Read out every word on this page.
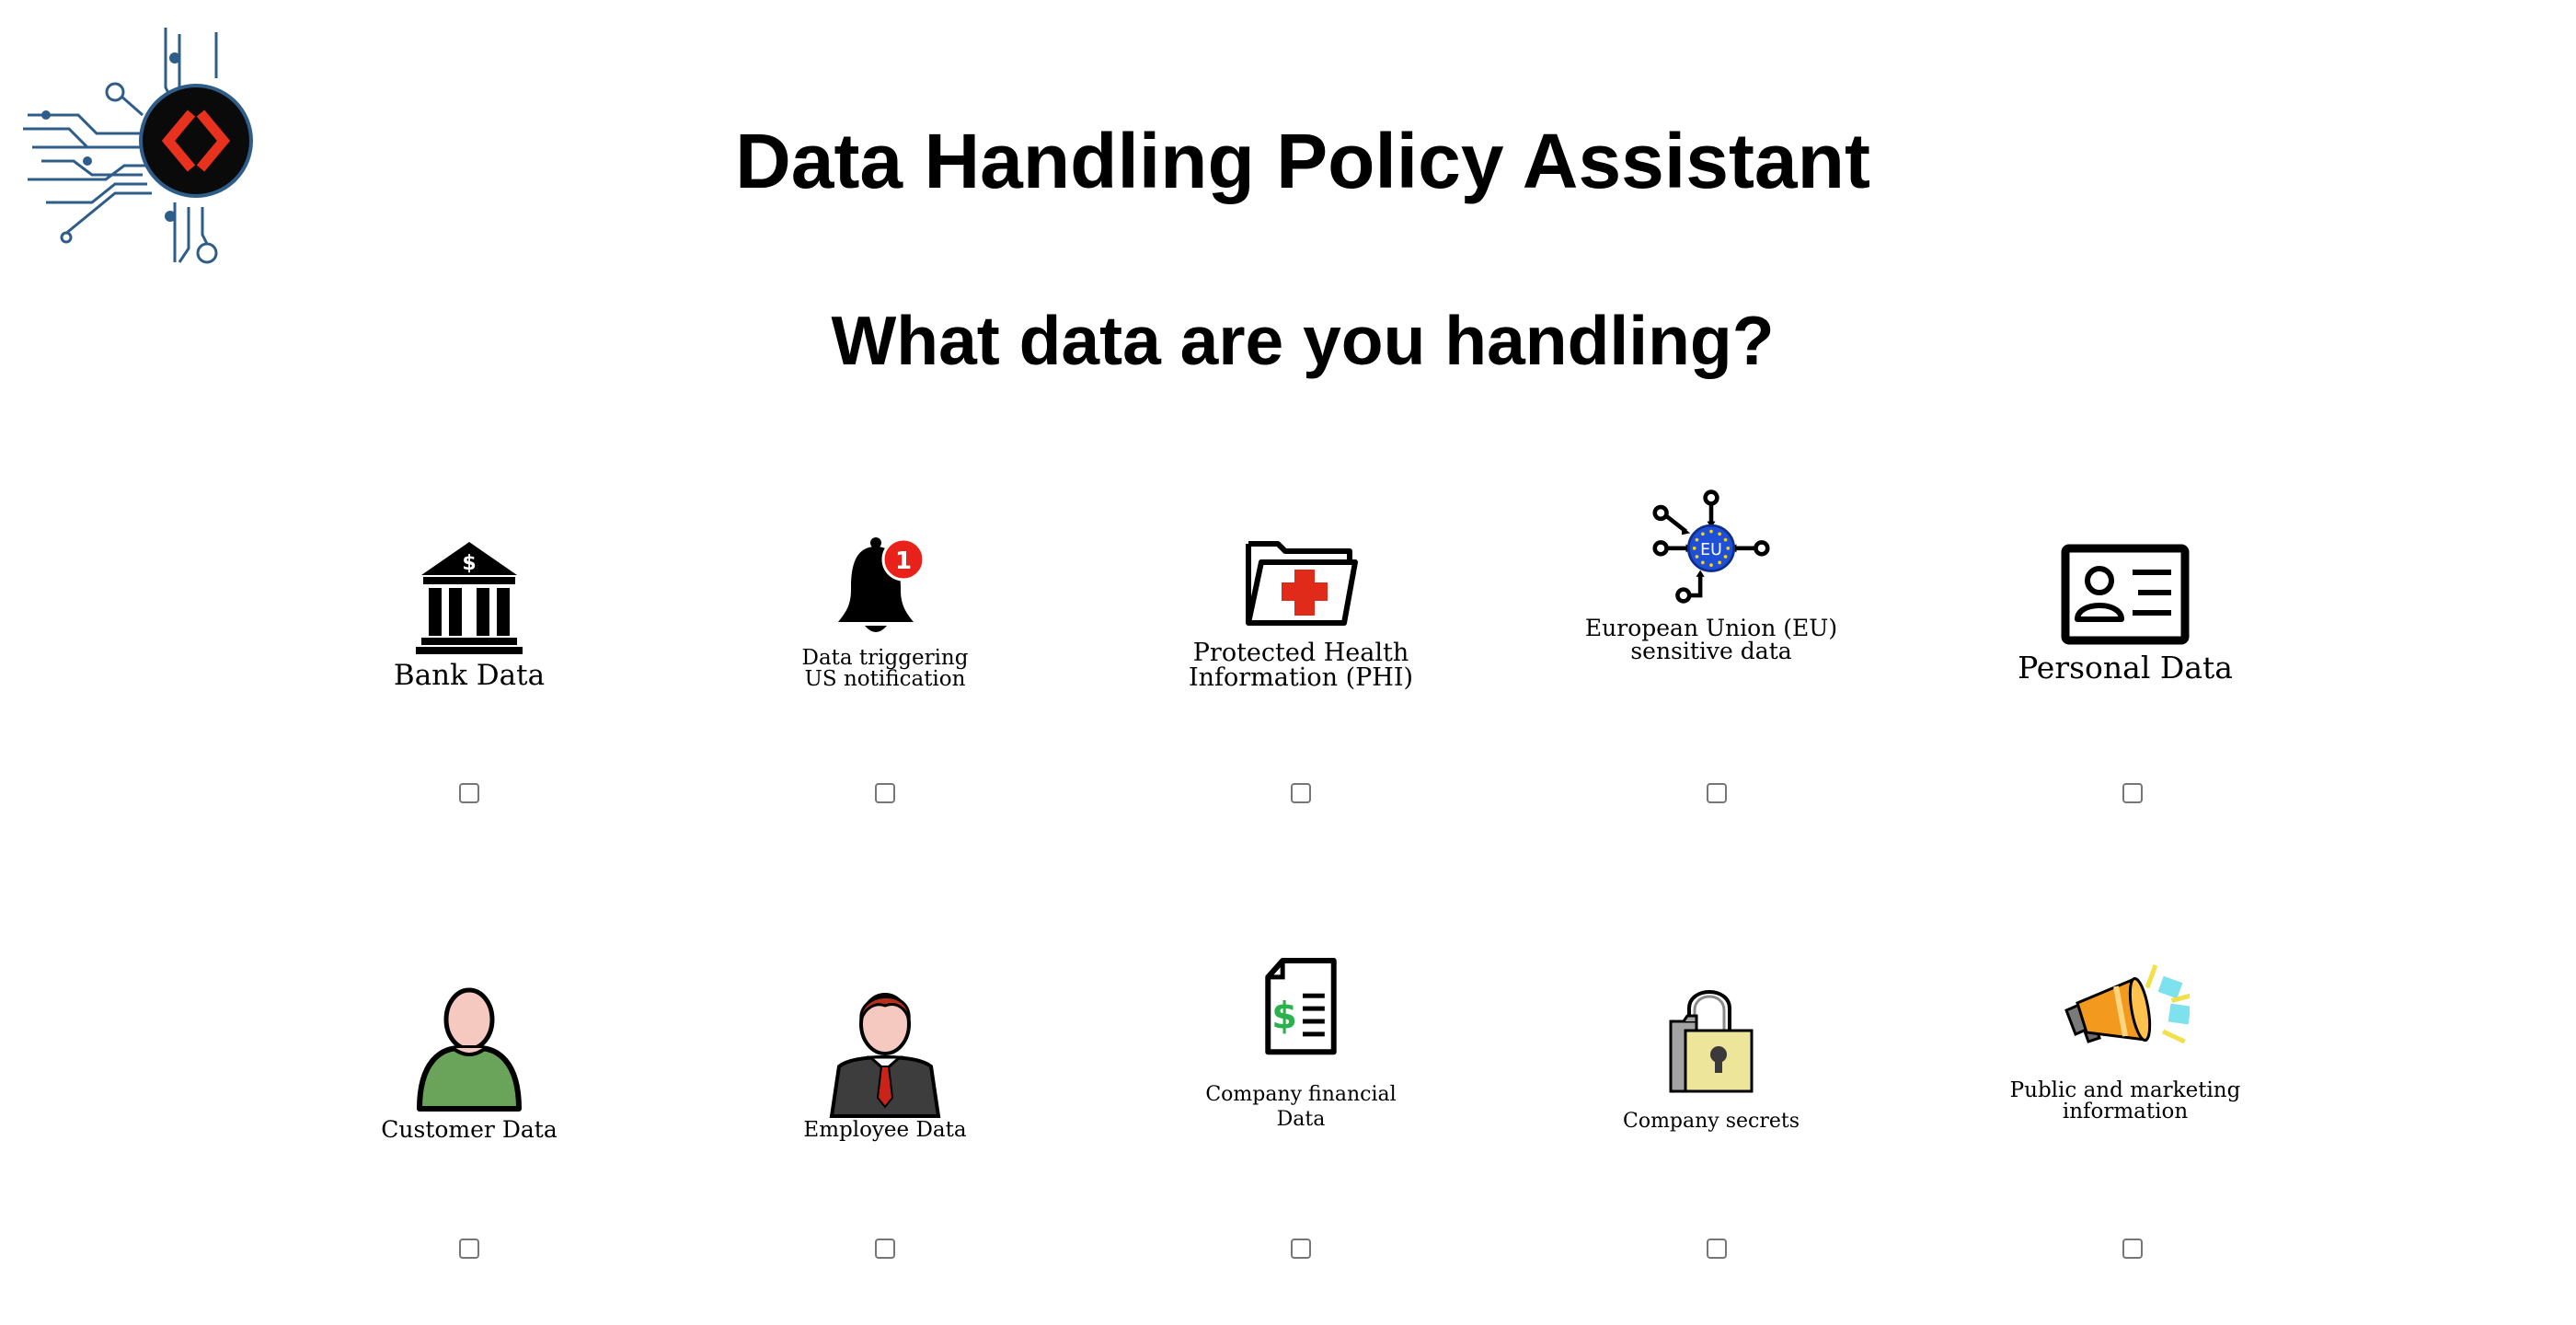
Data Handling Policy Assistant
What data are you handling?
$
Bank Data
1
Data triggering
US notification
Protected Health
Information (PHI)
EU
European Union (EU)
sensitive data	Personal Data
Customer Data	Employee Data
$
Company financial
Data	Company secrets
Public and marketing
information
